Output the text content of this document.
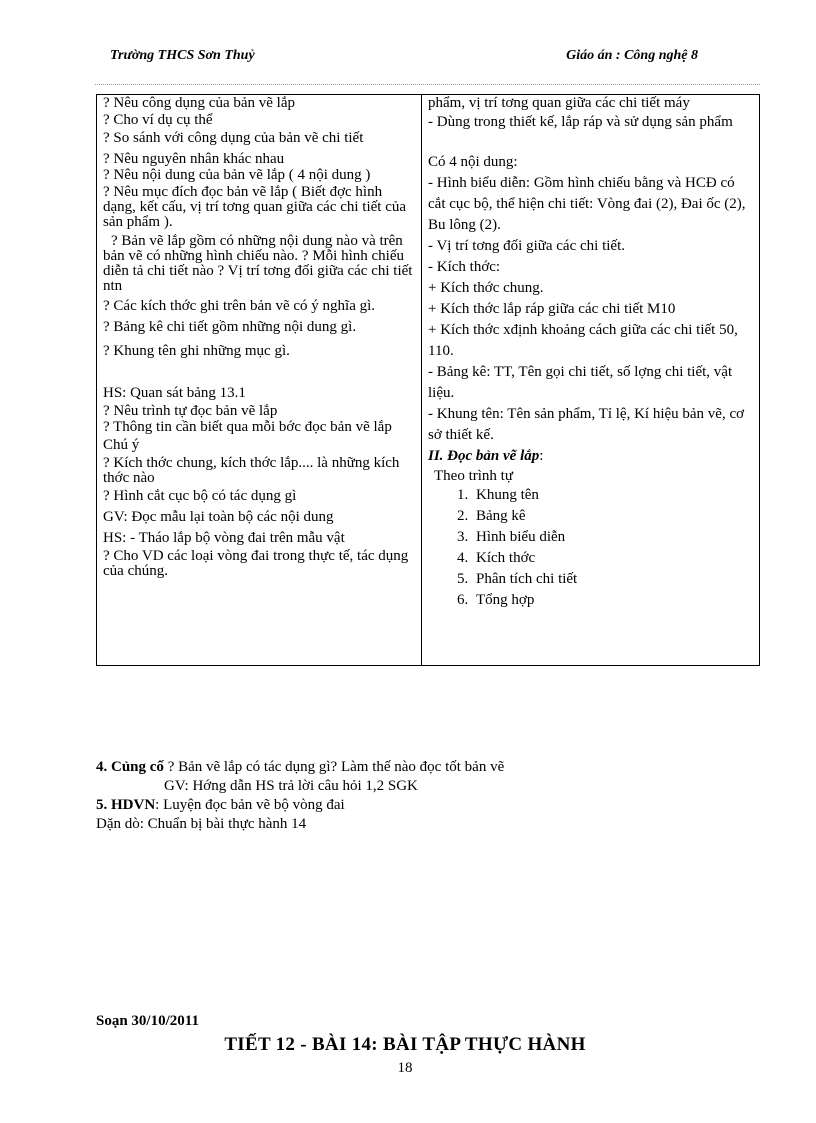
Trường THCS Sơn Thuỷ	Giáo án : Công nghệ 8

? Nêu công dụng của bản vẽ lắp

? Cho ví dụ cụ thể

? So sánh với công dụng của bản vẽ chi tiết

? Nêu nguyên nhân khác nhau

? Nêu nội dung của bản vẽ lắp ( 4 nội dung )

? Nêu mục đích đọc bản vẽ lắp ( Biết đợc hình dạng, kết cấu, vị trí tơng quan giữa các chi tiết của sản phẩm ).

? Bản vẽ lắp gồm có những nội dung nào và trên bản vẽ có những hình chiếu nào. ? Mỗi hình chiếu diễn tả chi tiết nào ? Vị trí tơng đối giữa các chi tiết ntn

? Các kích thớc ghi trên bản vẽ có ý nghĩa gì.

? Bảng kê chi tiết gồm những nội dung gì.

? Khung tên ghi những mục gì.

HS: Quan sát bảng 13.1

? Nêu trình tự đọc bản vẽ lắp

? Thông tin cần biết qua mỗi bớc đọc bản vẽ lắp

Chú ý

? Kích thớc chung, kích thớc lắp.... là những kích thớc nào

? Hình cắt cục bộ có tác dụng gì

GV: Đọc mẫu lại toàn bộ các nội dung

HS: - Tháo lắp bộ vòng đai trên mẫu vật

? Cho VD các loại vòng đai trong thực tế, tác dụng của chúng.

phẩm, vị trí tơng quan giữa các chi tiết máy

- Dùng trong thiết kế, lắp ráp và sử dụng sản phẩm

Có 4 nội dung:

- Hình biểu diễn: Gồm hình chiếu bằng và HCĐ có cắt cục bộ, thể hiện chi tiết: Vòng đai (2), Đai ốc (2), Bu lông (2).

- Vị trí tơng đối giữa các chi tiết.

- Kích thớc:

+ Kích thớc chung.

+ Kích thớc lắp ráp giữa các chi tiết M10

+ Kích thớc xđịnh khoảng cách giữa các chi tiết 50, 110.

- Bảng kê: TT, Tên gọi chi tiết, số lợng chi tiết, vật liệu.

- Khung tên: Tên sản phẩm, Tỉ lệ, Kí hiệu bản vẽ, cơ sở thiết kế.

II. Đọc bản vẽ lắp:

Theo trình tự

1. Khung tên
2. Bảng kê
3. Hình biểu diễn
4. Kích thớc
5. Phân tích chi tiết
6. Tổng hợp
4. Củng cố ? Bản vẽ lắp có tác dụng gì? Làm thế nào đọc tốt bản vẽ
GV: Hớng dẫn HS trả lời câu hỏi 1,2 SGK
5. HDVN: Luyện đọc bản vẽ bộ vòng đai
Dặn dò: Chuẩn bị bài thực hành 14
Soạn 30/10/2011
TIẾT 12 - BÀI 14: BÀI TẬP THỰC HÀNH
18
